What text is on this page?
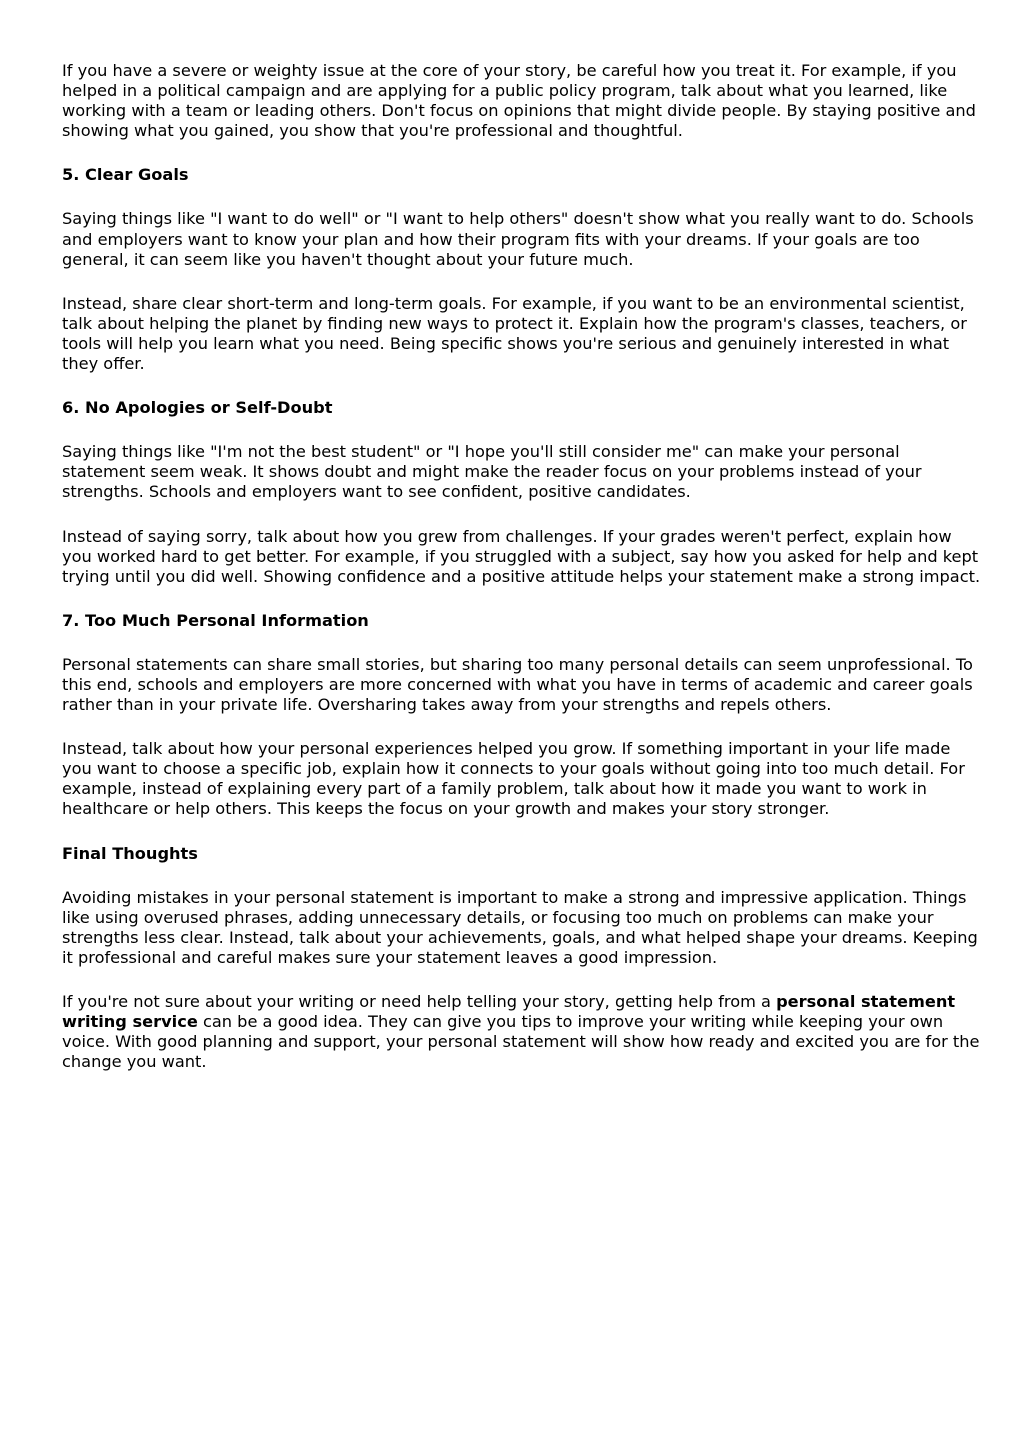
If you have a severe or weighty issue at the core of your story, be careful how you treat it. For example, if you helped in a political campaign and are applying for a public policy program, talk about what you learned, like working with a team or leading others. Don't focus on opinions that might divide people. By staying positive and showing what you gained, you show that you're professional and thoughtful.

5. Clear Goals

Saying things like "I want to do well" or "I want to help others" doesn't show what you really want to do. Schools and employers want to know your plan and how their program fits with your dreams. If your goals are too general, it can seem like you haven't thought about your future much.

Instead, share clear short-term and long-term goals. For example, if you want to be an environmental scientist, talk about helping the planet by finding new ways to protect it. Explain how the program's classes, teachers, or tools will help you learn what you need. Being specific shows you're serious and genuinely interested in what they offer.

6. No Apologies or Self-Doubt

Saying things like "I'm not the best student" or "I hope you'll still consider me" can make your personal statement seem weak. It shows doubt and might make the reader focus on your problems instead of your strengths. Schools and employers want to see confident, positive candidates.

Instead of saying sorry, talk about how you grew from challenges. If your grades weren't perfect, explain how you worked hard to get better. For example, if you struggled with a subject, say how you asked for help and kept trying until you did well. Showing confidence and a positive attitude helps your statement make a strong impact.

7. Too Much Personal Information

Personal statements can share small stories, but sharing too many personal details can seem unprofessional. To this end, schools and employers are more concerned with what you have in terms of academic and career goals rather than in your private life. Oversharing takes away from your strengths and repels others.

Instead, talk about how your personal experiences helped you grow. If something important in your life made you want to choose a specific job, explain how it connects to your goals without going into too much detail. For example, instead of explaining every part of a family problem, talk about how it made you want to work in healthcare or help others. This keeps the focus on your growth and makes your story stronger.

Final Thoughts

Avoiding mistakes in your personal statement is important to make a strong and impressive application. Things like using overused phrases, adding unnecessary details, or focusing too much on problems can make your strengths less clear. Instead, talk about your achievements, goals, and what helped shape your dreams. Keeping it professional and careful makes sure your statement leaves a good impression.

If you're not sure about your writing or need help telling your story, getting help from a personal statement writing service can be a good idea. They can give you tips to improve your writing while keeping your own voice. With good planning and support, your personal statement will show how ready and excited you are for the change you want.
